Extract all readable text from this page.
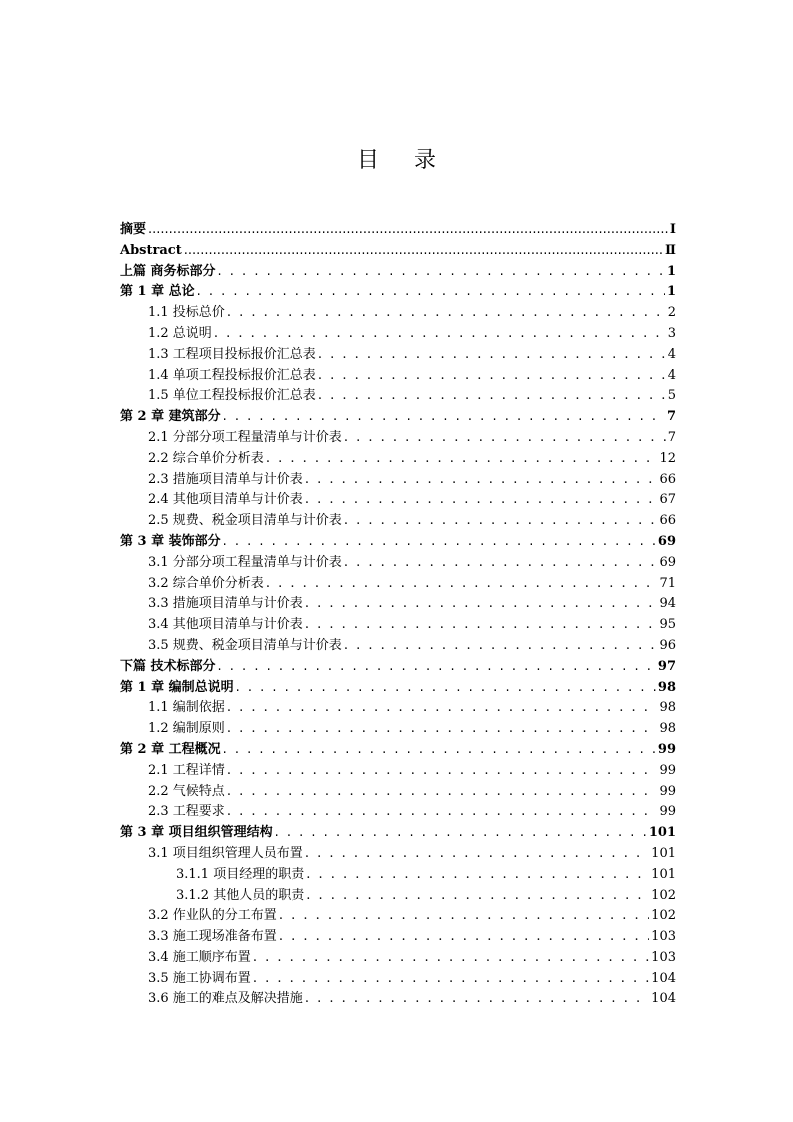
目 录
摘要 .....	Ⅰ
Abstract .....	Ⅱ
上篇 商务标部分 . . .	1
第 1 章 总论 . . .	1
1.1 投标总价 . . .	2
1.2 总说明 . . .	3
1.3 工程项目投标报价汇总表 . . .	4
1.4 单项工程投标报价汇总表 . . .	4
1.5 单位工程投标报价汇总表 . . .	5
第 2 章 建筑部分 . . .	7
2.1 分部分项工程量清单与计价表 . . .	7
2.2 综合单价分析表 . . .	12
2.3 措施项目清单与计价表 . . .	66
2.4 其他项目清单与计价表 . . .	67
2.5 规费、税金项目清单与计价表 . . .	66
第 3 章 装饰部分 . . .	69
3.1 分部分项工程量清单与计价表 . . .	69
3.2 综合单价分析表 . . .	71
3.3 措施项目清单与计价表 . . .	94
3.4 其他项目清单与计价表 . . .	95
3.5 规费、税金项目清单与计价表 . . .	96
下篇 技术标部分 . . .	97
第 1 章 编制总说明 . . .	98
1.1 编制依据 . . .	98
1.2 编制原则 . . .	98
第 2 章 工程概况 . . .	99
2.1 工程详情 . . .	99
2.2 气候特点 . . .	99
2.3 工程要求 . . .	99
第 3 章 项目组织管理结构 . . .	101
3.1 项目组织管理人员布置 . . .	101
3.1.1 项目经理的职责 . . .	101
3.1.2 其他人员的职责 . . .	102
3.2 作业队的分工布置 . . .	102
3.3 施工现场准备布置 . . .	103
3.4 施工顺序布置 . . .	103
3.5 施工协调布置 . . .	104
3.6 施工的难点及解决措施 . . .	104
